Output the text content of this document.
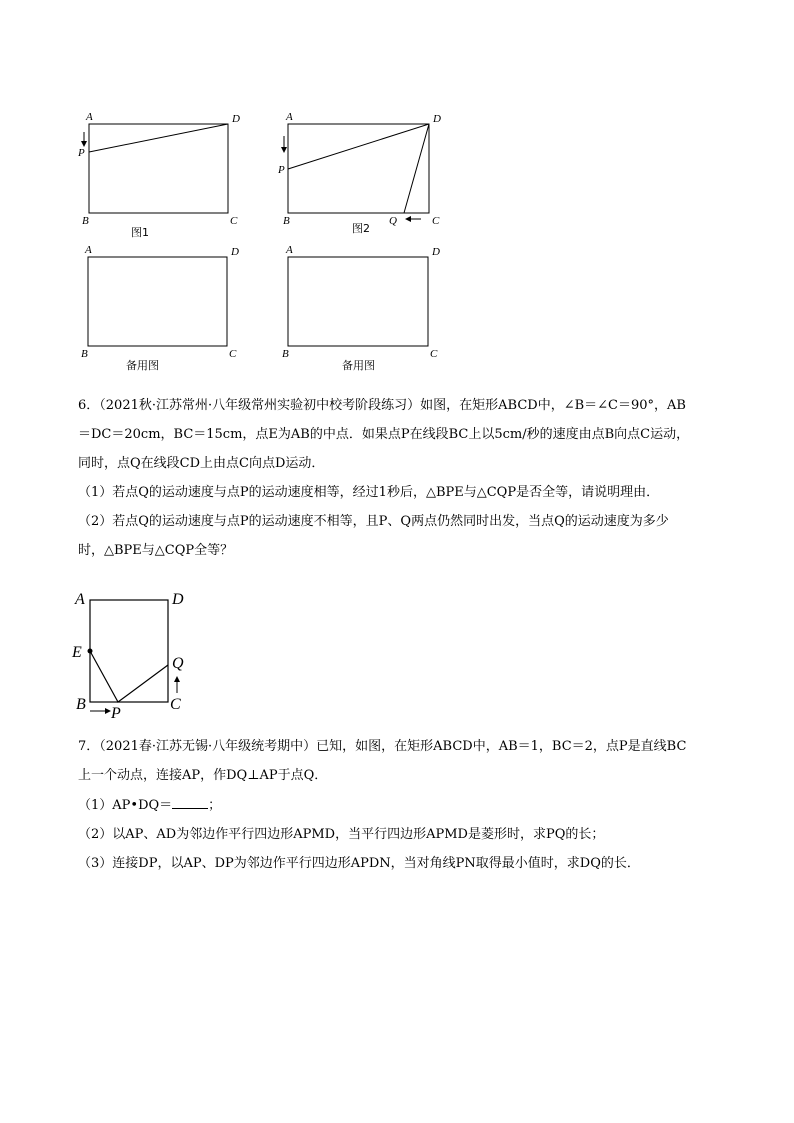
A	D
P
B	C
图1
A	D
P
B	Q	C
图2
A	D
B	C
备用图
A	D
B	C
备用图
6．（2021秋·江苏常州·八年级常州实验初中校考阶段练习）如图，在矩形ABCD中，∠B＝∠C＝90°，AB
＝DC＝20cm，BC＝15cm，点E为AB的中点．如果点P在线段BC上以5cm/秒的速度由点B向点C运动，
同时，点Q在线段CD上由点C向点D运动．
（1）若点Q的运动速度与点P的运动速度相等，经过1秒后，△BPE与△CQP是否全等，请说明理由．
（2）若点Q的运动速度与点P的运动速度不相等，且P、Q两点仍然同时出发，当点Q的运动速度为多少
时，△BPE与△CQP全等？
A	D
E
Q
B
P
C
7．（2021春·江苏无锡·八年级统考期中）已知，如图，在矩形ABCD中，AB＝1，BC＝2，点P是直线BC
上一个动点，连接AP，作DQ⊥AP于点Q．
（1）AP•DQ＝	；
（2）以AP、AD为邻边作平行四边形APMD，当平行四边形APMD是菱形时，求PQ的长；
（3）连接DP，以AP、DP为邻边作平行四边形APDN，当对角线PN取得最小值时，求DQ的长．
